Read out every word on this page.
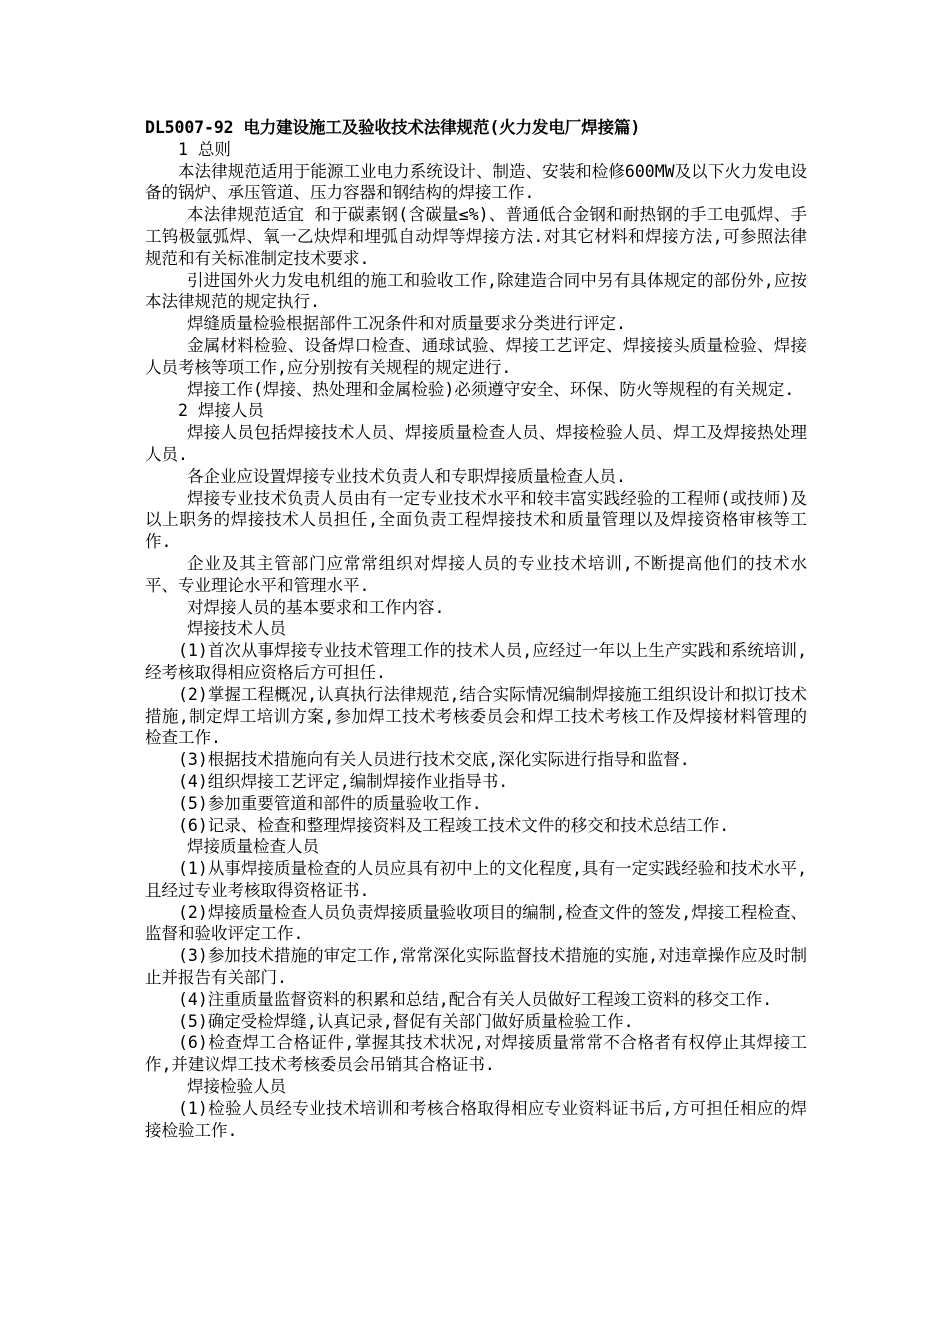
DL5007-92 电力建设施工及验收技术法律规范(火力发电厂焊接篇)

1 总则

本法律规范适用于能源工业电力系统设计、制造、安装和检修600MW及以下火力发电设备的锅炉、承压管道、压力容器和钢结构的焊接工作.

本法律规范适宜 和于碳素钢(含碳量≤%)、普通低合金钢和耐热钢的手工电弧焊、手工钨极氩弧焊、氧一乙炔焊和埋弧自动焊等焊接方法.对其它材料和焊接方法,可参照法律规范和有关标准制定技术要求.

引进国外火力发电机组的施工和验收工作,除建造合同中另有具体规定的部份外,应按本法律规范的规定执行.

焊缝质量检验根据部件工况条件和对质量要求分类进行评定.

金属材料检验、设备焊口检查、通球试验、焊接工艺评定、焊接接头质量检验、焊接人员考核等项工作,应分别按有关规程的规定进行.

焊接工作(焊接、热处理和金属检验)必须遵守安全、环保、防火等规程的有关规定.

2 焊接人员

焊接人员包括焊接技术人员、焊接质量检查人员、焊接检验人员、焊工及焊接热处理人员.

各企业应设置焊接专业技术负责人和专职焊接质量检查人员.

焊接专业技术负责人员由有一定专业技术水平和较丰富实践经验的工程师(或技师)及以上职务的焊接技术人员担任,全面负责工程焊接技术和质量管理以及焊接资格审核等工作.

企业及其主管部门应常常组织对焊接人员的专业技术培训,不断提高他们的技术水平、专业理论水平和管理水平.

对焊接人员的基本要求和工作内容.

焊接技术人员

(1)首次从事焊接专业技术管理工作的技术人员,应经过一年以上生产实践和系统培训,经考核取得相应资格后方可担任.

(2)掌握工程概况,认真执行法律规范,结合实际情况编制焊接施工组织设计和拟订技术措施,制定焊工培训方案,参加焊工技术考核委员会和焊工技术考核工作及焊接材料管理的检查工作.

(3)根据技术措施向有关人员进行技术交底,深化实际进行指导和监督.

(4)组织焊接工艺评定,编制焊接作业指导书.

(5)参加重要管道和部件的质量验收工作.

(6)记录、检查和整理焊接资料及工程竣工技术文件的移交和技术总结工作.

焊接质量检查人员

(1)从事焊接质量检查的人员应具有初中上的文化程度,具有一定实践经验和技术水平,且经过专业考核取得资格证书.

(2)焊接质量检查人员负责焊接质量验收项目的编制,检查文件的签发,焊接工程检查、监督和验收评定工作.

(3)参加技术措施的审定工作,常常深化实际监督技术措施的实施,对违章操作应及时制止并报告有关部门.

(4)注重质量监督资料的积累和总结,配合有关人员做好工程竣工资料的移交工作.

(5)确定受检焊缝,认真记录,督促有关部门做好质量检验工作.

(6)检查焊工合格证件,掌握其技术状况,对焊接质量常常不合格者有权停止其焊接工作,并建议焊工技术考核委员会吊销其合格证书.

焊接检验人员

(1)检验人员经专业技术培训和考核合格取得相应专业资料证书后,方可担任相应的焊接检验工作.
